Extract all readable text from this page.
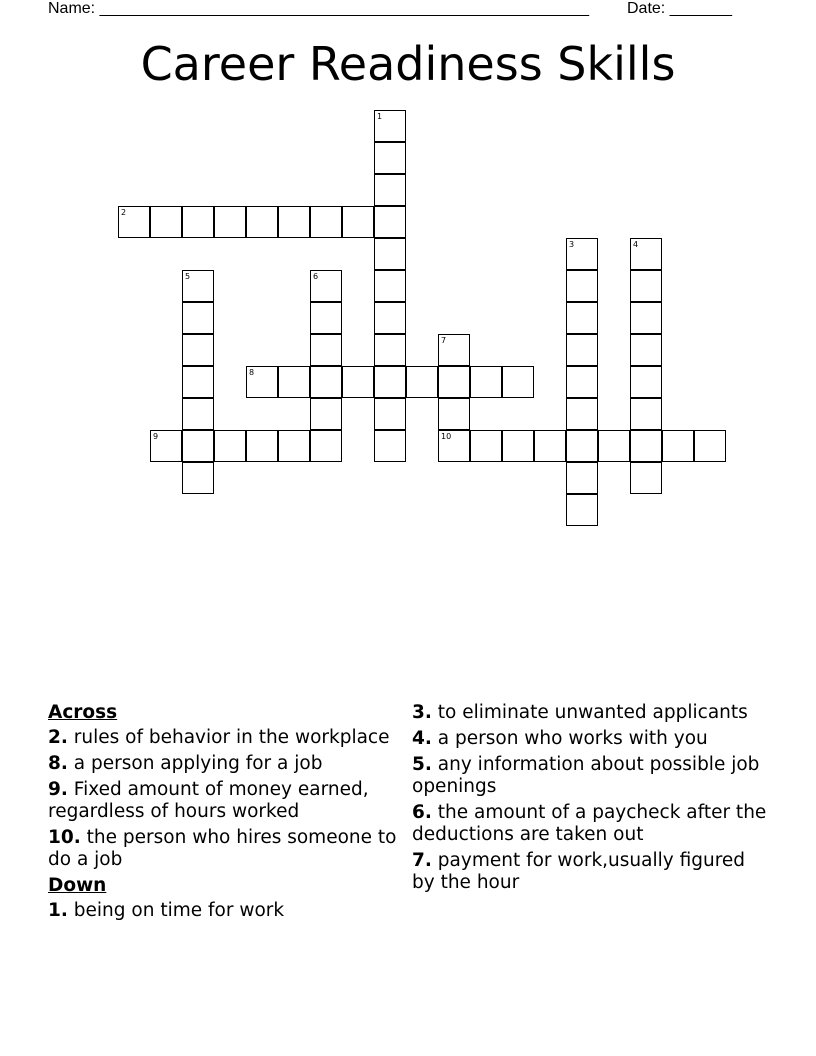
Name: _______________________________________________________ Date: _______
Career Readiness Skills
1
2
3	4
5	6
7
10
8
9
Across
2. rules of behavior in the workplace
8. a person applying for a job
9. Fixed amount of money earned, regardless of hours worked
10. the person who hires someone to do a job
Down
1. being on time for work
3. to eliminate unwanted applicants
4. a person who works with you
5. any information about possible job openings
6. the amount of a paycheck after the deductions are taken out
7. payment for work,usually figured by the hour
